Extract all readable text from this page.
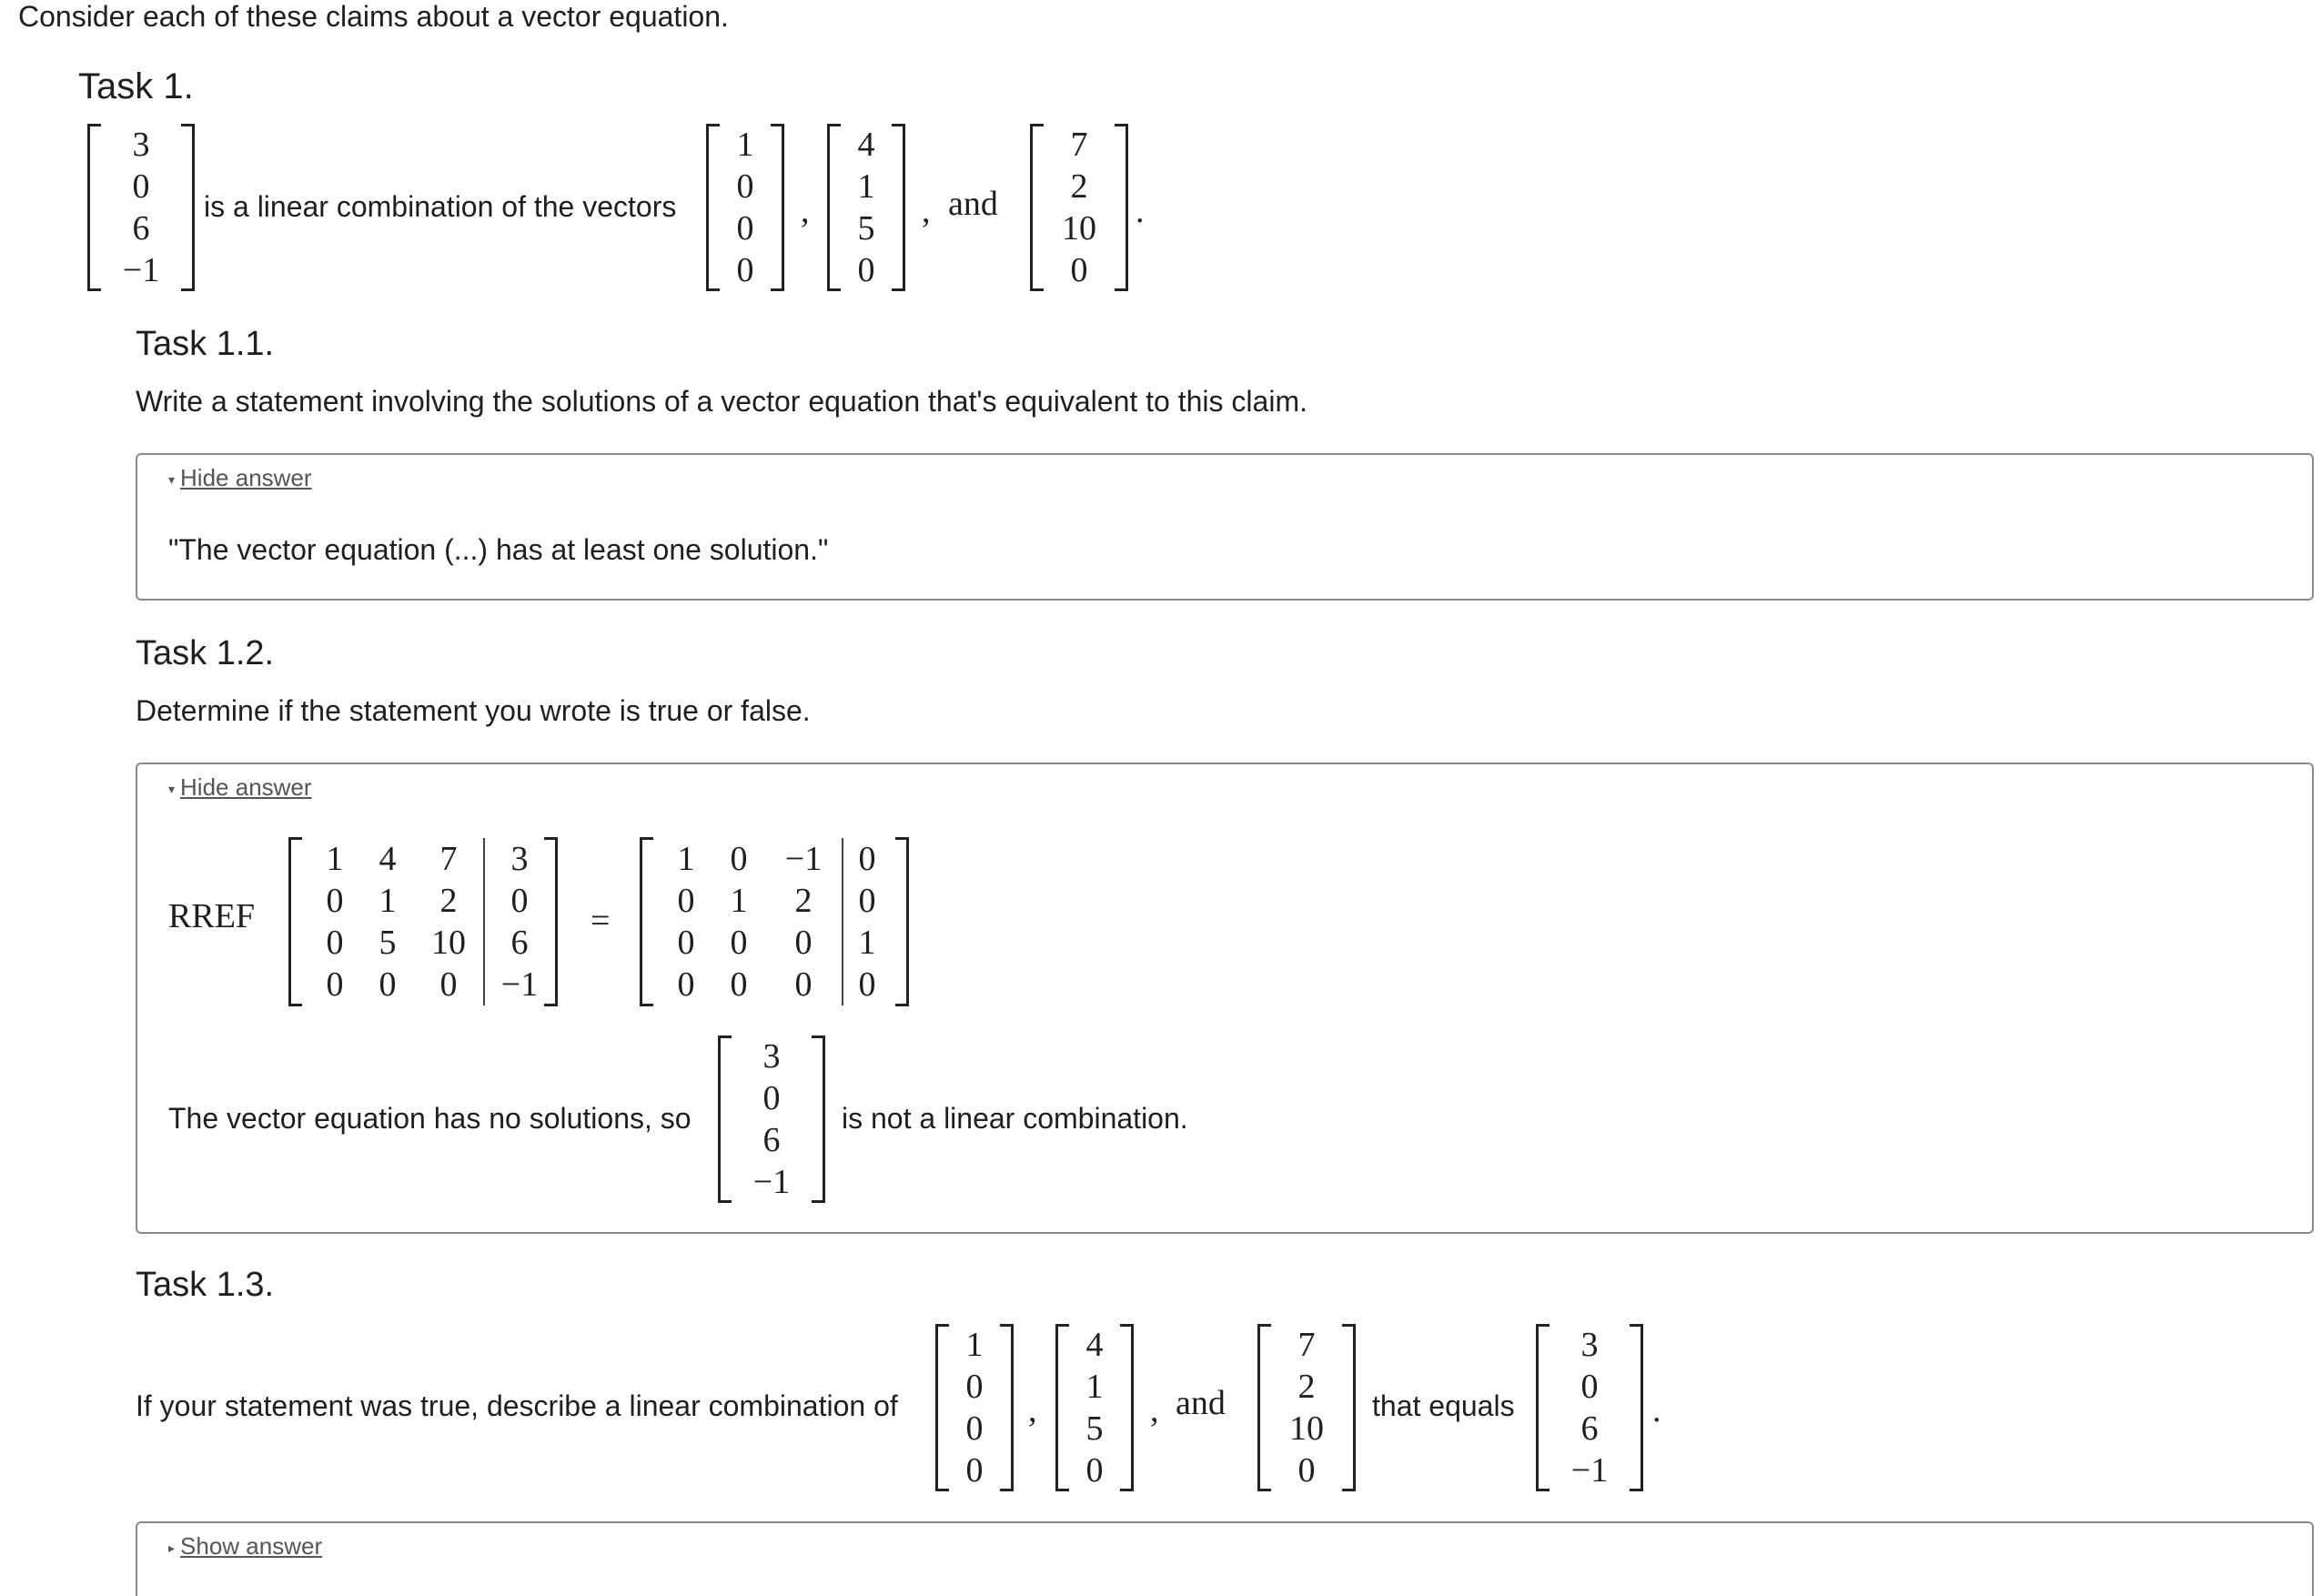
Consider each of these claims about a vector equation.
Task 1.
3
0
6
−1
is a linear combination of the vectors
1
0
0
0
,
4
1
5
0
, and
7
2
10
0
.
Task 1.1.
Write a statement involving the solutions of a vector equation that's equivalent to this claim.
▾ Hide answer
"The vector equation (...) has at least one solution."
Task 1.2.
Determine if the statement you wrote is true or false.
▾ Hide answer
RREF
1	4	7	3
0	1	2	0
0	5	10	6
0	0	0	−1
=
1	0	−1	0
0	1	2	0
0	0	0	1
0	0	0	0
The vector equation has no solutions, so
3
0
6
−1
is not a linear combination.
Task 1.3.
If your statement was true, describe a linear combination of
1
0
0
0
,
4
1
5
0
, and
7
2
10
0
that equals
3
0
6
−1
.
▸ Show answer
